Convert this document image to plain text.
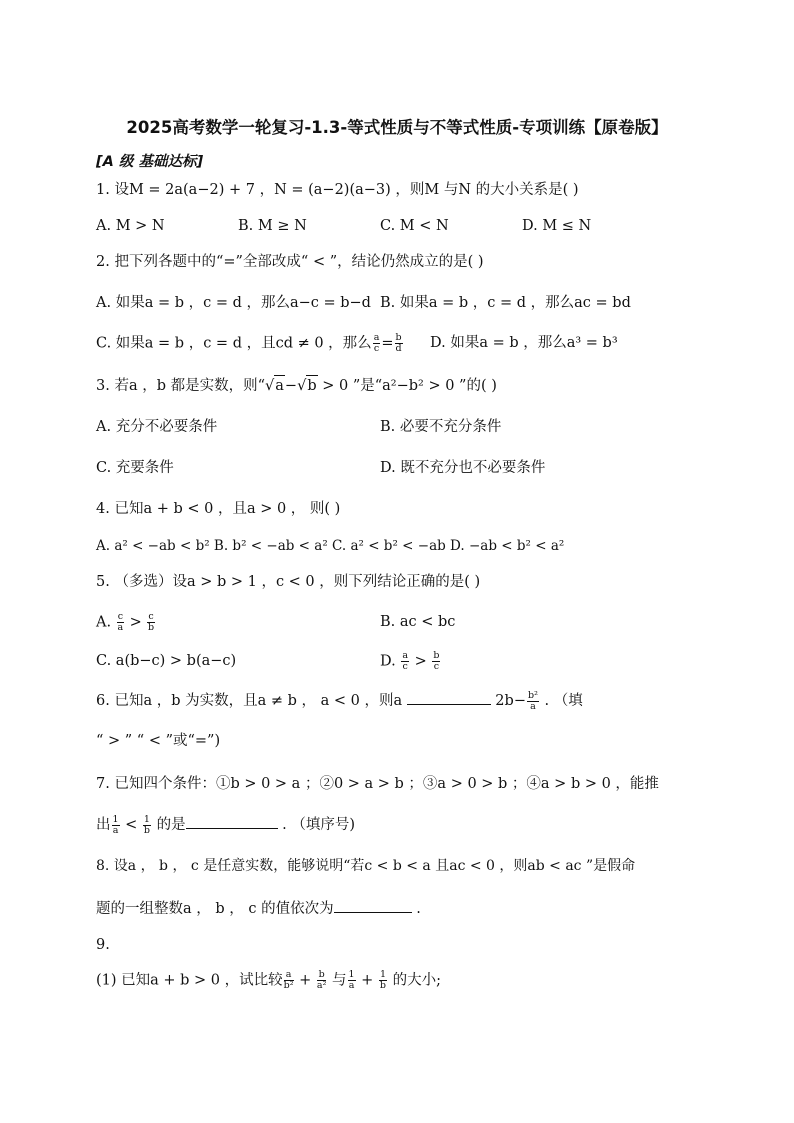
2025高考数学一轮复习-1.3-等式性质与不等式性质-专项训练【原卷版】
[A 级 基础达标]
1. 设M = 2a(a−2) + 7 ，N = (a−2)(a−3) ，则M 与N 的大小关系是( )
A. M > N	B. M ≥ N	C. M < N	D. M ≤ N
2. 把下列各题中的“=”全部改成“ < ”，结论仍然成立的是( )
A. 如果a = b ，c = d ，那么a−c = b−d B. 如果a = b ，c = d ，那么ac = bd
C. 如果a = b ，c = d ，且cd ≠ 0 ，那么 $\frac{a}{c} = \frac{b}{d} D$. 如果a = b ，那么a³ = b³
3. 若a ，b 都是实数，则“√a−√b > 0 ”是“a²−b² > 0 ”的( )
A. 充分不必要条件	B. 必要不充分条件
C. 充要条件	D. 既不充分也不必要条件
4. 已知a + b < 0 ，且a > 0 ， 则( )
A. a² < −ab < b² B. b² < −ab < a² C. a² < b² < −ab D. −ab < b² < a²
5. （多选）设a > b > 1 ，c < 0 ，则下列结论正确的是( )
A. $\frac{c}{a} > \frac{c}{b}$	B. ac < bc
C. a(b−c) > b(a−c)	D. $\frac{a}{c} > \frac{b}{c}$
6. 已知a ，b 为实数，且a ≠ b ， a < 0 ，则a	$2b- \frac{\text{b²}}{a}$ . （填
“ > ” “ < ”或“=”)
7. 已知四个条件：①b > 0 > a ；②0 > a > b ；③a > 0 > b ；④a > b > 0 ，能推
出 $\frac{1}{a} < \frac{1}{b}$ 的是	. （填序号)
8. 设a ， b ， c 是任意实数，能够说明“若c < b < a 且ac < 0 ，则ab < ac ”是假命
题的一组整数a ， b ， c 的值依次为	.
9.
(1) 已知a + b > 0 ，试比较 $\frac{a}{\text{b²}} + \frac{b}{\text{a²}}$ 与 $\frac{1}{a} + \frac{1}{b}$ 的大小;
